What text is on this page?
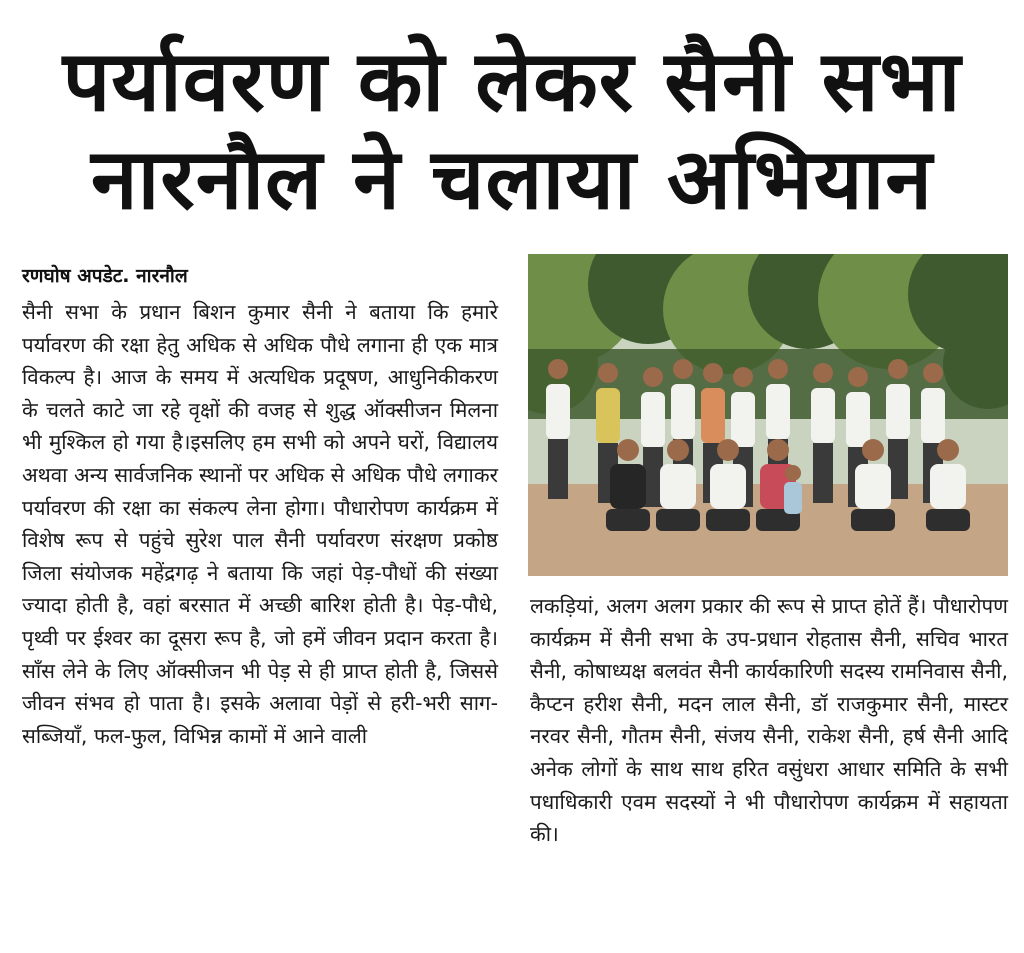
पर्यावरण को लेकर सैनी सभा
नारनौल ने चलाया अभियान
रणघोष अपडेट. नारनौल
सैनी सभा के प्रधान बिशन कुमार सैनी ने बताया कि हमारे पर्यावरण की रक्षा हेतु अधिक से अधिक पौधे लगाना ही एक मात्र विकल्प है। आज के समय में अत्यधिक प्रदूषण, आधुनिकीकरण के चलते काटे जा रहे वृक्षों की वजह से शुद्ध ऑक्सीजन मिलना भी मुश्किल हो गया है।इसलिए हम सभी को अपने घरों, विद्यालय अथवा अन्य सार्वजनिक स्थानों पर अधिक से अधिक पौधे लगाकर पर्यावरण की रक्षा का संकल्प लेना होगा। पौधारोपण कार्यक्रम में विशेष रूप से पहुंचे सुरेश पाल सैनी पर्यावरण संरक्षण प्रकोष्ठ जिला संयोजक महेंद्रगढ़ ने बताया कि जहां पेड़-पौधों की संख्या ज्यादा होती है, वहां बरसात में अच्छी बारिश होती है। पेड़-पौधे, पृथ्वी पर ईश्वर का दूसरा रूप है, जो हमें जीवन प्रदान करता है। साँस लेने के लिए ऑक्सीजन भी पेड़ से ही प्राप्त होती है, जिससे जीवन संभव हो पाता है। इसके अलावा पेड़ों से हरी-भरी साग-सब्जियाँ, फल-फुल, विभिन्न कामों में आने वाली
लकड़ियां, अलग अलग प्रकार की रूप से प्राप्त होतें हैं। पौधारोपण कार्यक्रम में सैनी सभा के उप-प्रधान रोहतास सैनी, सचिव भारत सैनी, कोषाध्यक्ष बलवंत सैनी कार्यकारिणी सदस्य रामनिवास सैनी, कैप्टन हरीश सैनी, मदन लाल सैनी, डॉ राजकुमार सैनी, मास्टर नरवर सैनी, गौतम सैनी, संजय सैनी, राकेश सैनी, हर्ष सैनी आदि अनेक लोगों के साथ साथ हरित वसुंधरा आधार समिति के सभी पधाधिकारी एवम सदस्यों ने भी पौधारोपण कार्यक्रम में सहायता की।
